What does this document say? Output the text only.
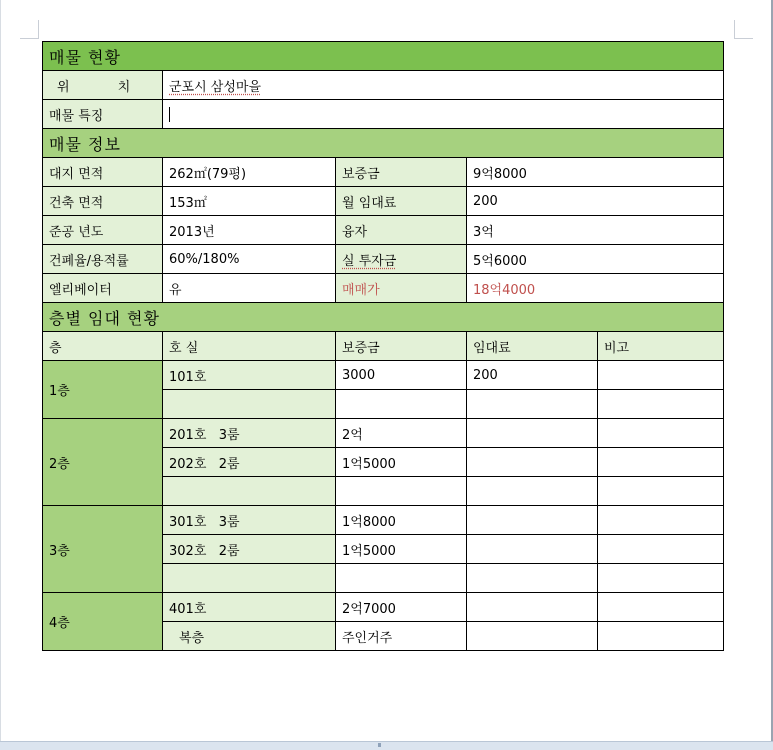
매물 현황				
위 치	군포시 삼성마을			
매물 특징				
매물 정보				
대지 면적	262㎡(79평)	보증금	9억8000	
건축 면적	153㎡	월 임대료	200	
준공 년도	2013년	융자	3억	
건폐율/용적률	60%/180%	실 투자금	5억6000	
엘리베이터	유	매매가	18억4000	
층별 임대 현황				
층	호 실	보증금	임대료	비고
1층	101호	3000	200	

2층	201호   3룸	2억		
	202호   2룸	1억5000		

3층	301호   3룸	1억8000		
	302호   2룸	1억5000		

4층	401호	2억7000		
	복층	주인거주		
